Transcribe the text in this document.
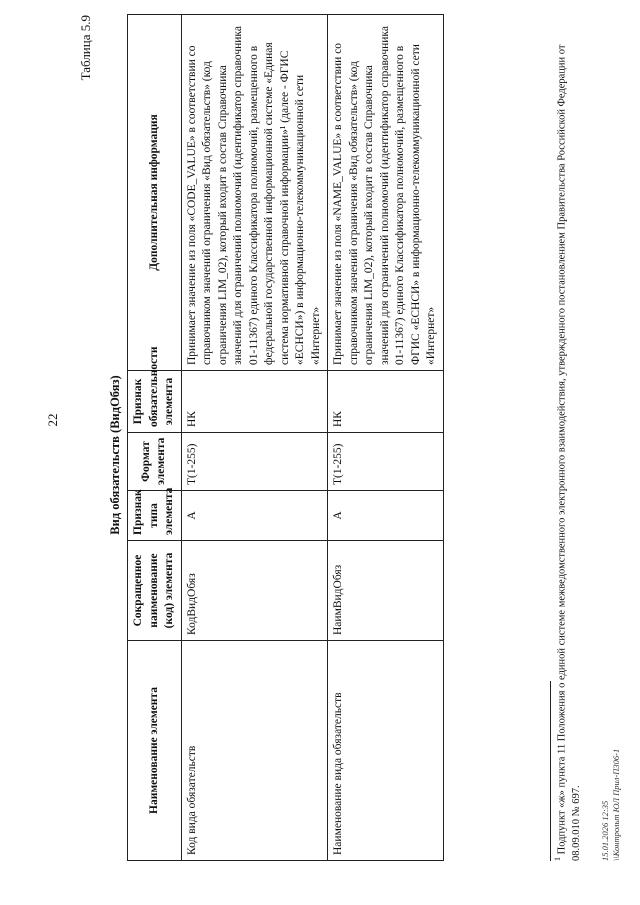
22
Таблица 5.9
Вид обязательств (ВидОбяз)
Наименование элемента	Сокращенное наименование (код) элемента	Признак типа элемента	Формат элемента	Признак обязательности элемента	Дополнительная информация
Код вида обязательств	КодВидОбяз	А	T(1-255)	НК	Принимает значение из поля «CODE_VALUE» в соответствии со справочником значений ограничения «Вид обязательств» (код ограничения LIM_02), который входит в состав Справочника значений для ограничений полномочий (идентификатор справочника 01-11367) единого Классификатора полномочий, размещенного в федеральной государственной информационной системе «Единая система нормативной справочной информации»¹ (далее - ФГИС «ЕСНСИ») в информационно-телекоммуникационной сети «Интернет»
Наименование вида обязательств	НаимВидОбяз	А	T(1-255)	НК	Принимает значение из поля «NAME_VALUE» в соответствии со справочником значений ограничения «Вид обязательств» (код ограничения LIM_02), который входит в состав Справочника значений для ограничений полномочий (идентификатор справочника 01-11367) единого Классификатора полномочий, размещенного в ФГИС «ЕСНСИ» в информационно-телекоммуникационной сети «Интернет»
$^1$ Подпункт «ж» пункта 11 Положения о единой системе межведомственного электронного взаимодействия, утвержденного постановлением Правительства Российской Федерации от 08.09.010 № 697. 15.01.2026 12:35 \\Контрольт ЮЛ Прил-П306-1
